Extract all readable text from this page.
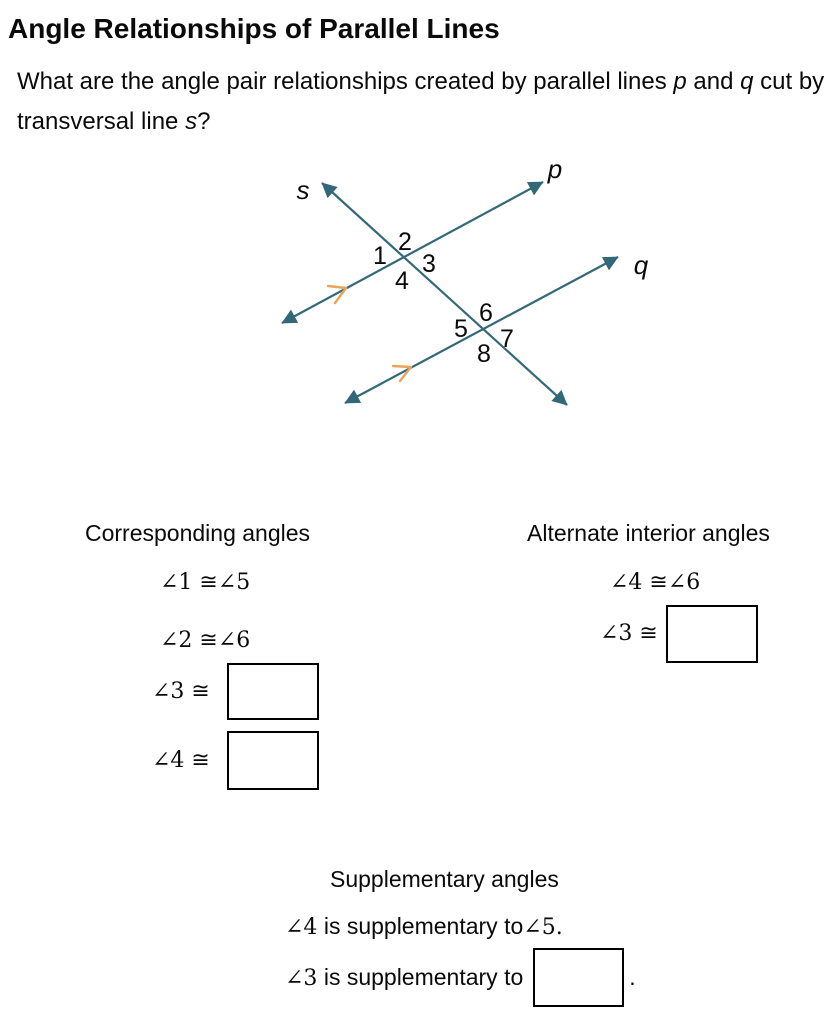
Angle Relationships of Parallel Lines
What are the angle pair relationships created by parallel lines p and q cut by
transversal line s?
s
p
q
1 2
3
4
5
6
7
8
Corresponding angles
∠1 ≅∠5
∠2 ≅∠6
∠3 ≅
∠4 ≅
Alternate interior angles
∠4 ≅∠6
∠3 ≅
Supplementary angles
∠4 is supplementary to∠5.
∠3 is supplementary to	.
